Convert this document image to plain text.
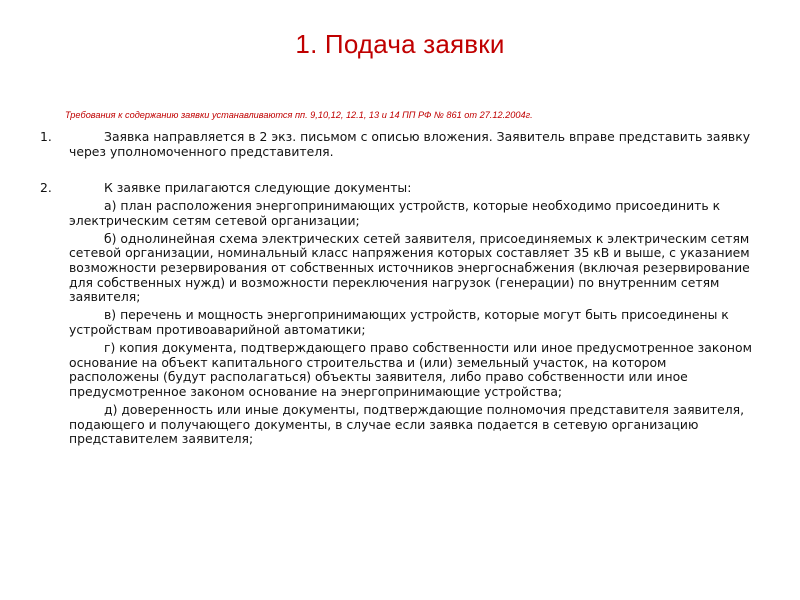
1. Подача заявки
Требования к содержанию заявки устанавливаются пп. 9,10,12, 12.1, 13 и 14 ПП РФ № 861 от 27.12.2004г.
1.	Заявка направляется в 2 экз. письмом с описью вложения. Заявитель вправе представить заявку через уполномоченного представителя.
2.	К заявке прилагаются следующие документы:

а) план расположения энергопринимающих устройств, которые необходимо присоединить к электрическим сетям сетевой организации;

б) однолинейная схема электрических сетей заявителя, присоединяемых к электрическим сетям сетевой организации, номинальный класс напряжения которых составляет 35 кВ и выше, с указанием возможности резервирования от собственных источников энергоснабжения (включая резервирование для собственных нужд) и возможности переключения нагрузок (генерации) по внутренним сетям заявителя;

в) перечень и мощность энергопринимающих устройств, которые могут быть присоединены к устройствам противоаварийной автоматики;

г) копия документа, подтверждающего право собственности или иное предусмотренное законом основание на объект капитального строительства и (или) земельный участок, на котором расположены (будут располагаться) объекты заявителя, либо право собственности или иное предусмотренное законом основание на энергопринимающие устройства;

д) доверенность или иные документы, подтверждающие полномочия представителя заявителя, подающего и получающего документы, в случае если заявка подается в сетевую организацию представителем заявителя;
